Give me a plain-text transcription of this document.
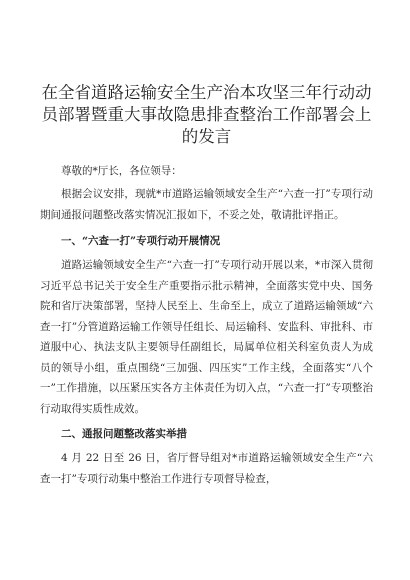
在全省道路运输安全生产治本攻坚三年行动动员部署暨重大事故隐患排查整治工作部署会上的发言
尊敬的*厅长，各位领导：

根据会议安排，现就*市道路运输领域安全生产“六查一打”专项行动期间通报问题整改落实情况汇报如下，不妥之处，敬请批评指正。

一、“六查一打”专项行动开展情况

道路运输领域安全生产“六查一打”专项行动开展以来，*市深入贯彻习近平总书记关于安全生产重要指示批示精神，全面落实党中央、国务院和省厅决策部署，坚持人民至上、生命至上，成立了道路运输领域“六查一打”分管道路运输工作领导任组长、局运输科、安监科、审批科、市道服中心、执法支队主要领导任副组长，局属单位相关科室负责人为成员的领导小组，重点围绕“三加强、四压实”工作主线，全面落实“八个一”工作措施，以压紧压实各方主体责任为切入点，“六查一打”专项整治行动取得实质性成效。

二、通报问题整改落实举措

4 月 22 日至 26 日，省厅督导组对*市道路运输领域安全生产“六查一打”专项行动集中整治工作进行专项督导检查，
